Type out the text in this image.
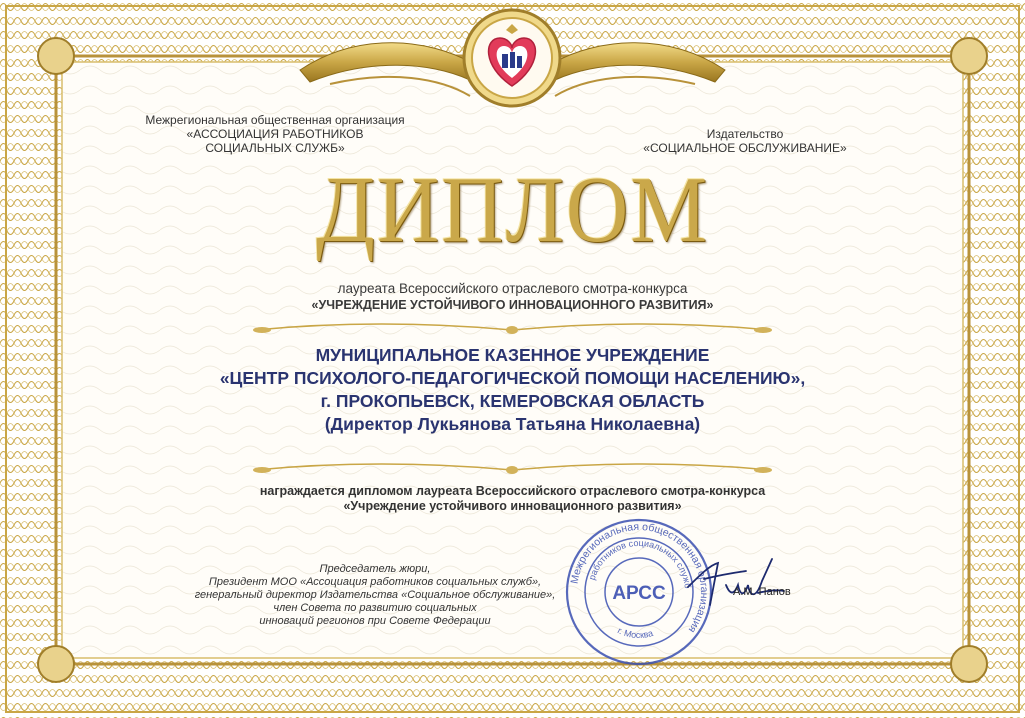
Межрегиональная общественная организация
«АССОЦИАЦИЯ РАБОТНИКОВ
СОЦИАЛЬНЫХ СЛУЖБ»
Издательство
«СОЦИАЛЬНОЕ ОБСЛУЖИВАНИЕ»
ДИПЛОМ
лауреата Всероссийского отраслевого смотра-конкурса
«УЧРЕЖДЕНИЕ УСТОЙЧИВОГО ИННОВАЦИОННОГО РАЗВИТИЯ»
МУНИЦИПАЛЬНОЕ КАЗЕННОЕ УЧРЕЖДЕНИЕ
«ЦЕНТР ПСИХОЛОГО-ПЕДАГОГИЧЕСКОЙ ПОМОЩИ НАСЕЛЕНИЮ»,
г. ПРОКОПЬЕВСК, КЕМЕРОВСКАЯ ОБЛАСТЬ
(Директор Лукьянова Татьяна Николаевна)
награждается дипломом лауреата Всероссийского отраслевого смотра-конкурса
«Учреждение устойчивого инновационного развития»
Председатель жюри,
Президент МОО «Ассоциация работников социальных служб»,
генеральный директор Издательства «Социальное обслуживание»,
член Совета по развитию социальных
инноваций регионов при Совете Федерации
Межрегиональная общественная организация
работников социальных служб
г. Москва
АРСС	А.М. Панов
